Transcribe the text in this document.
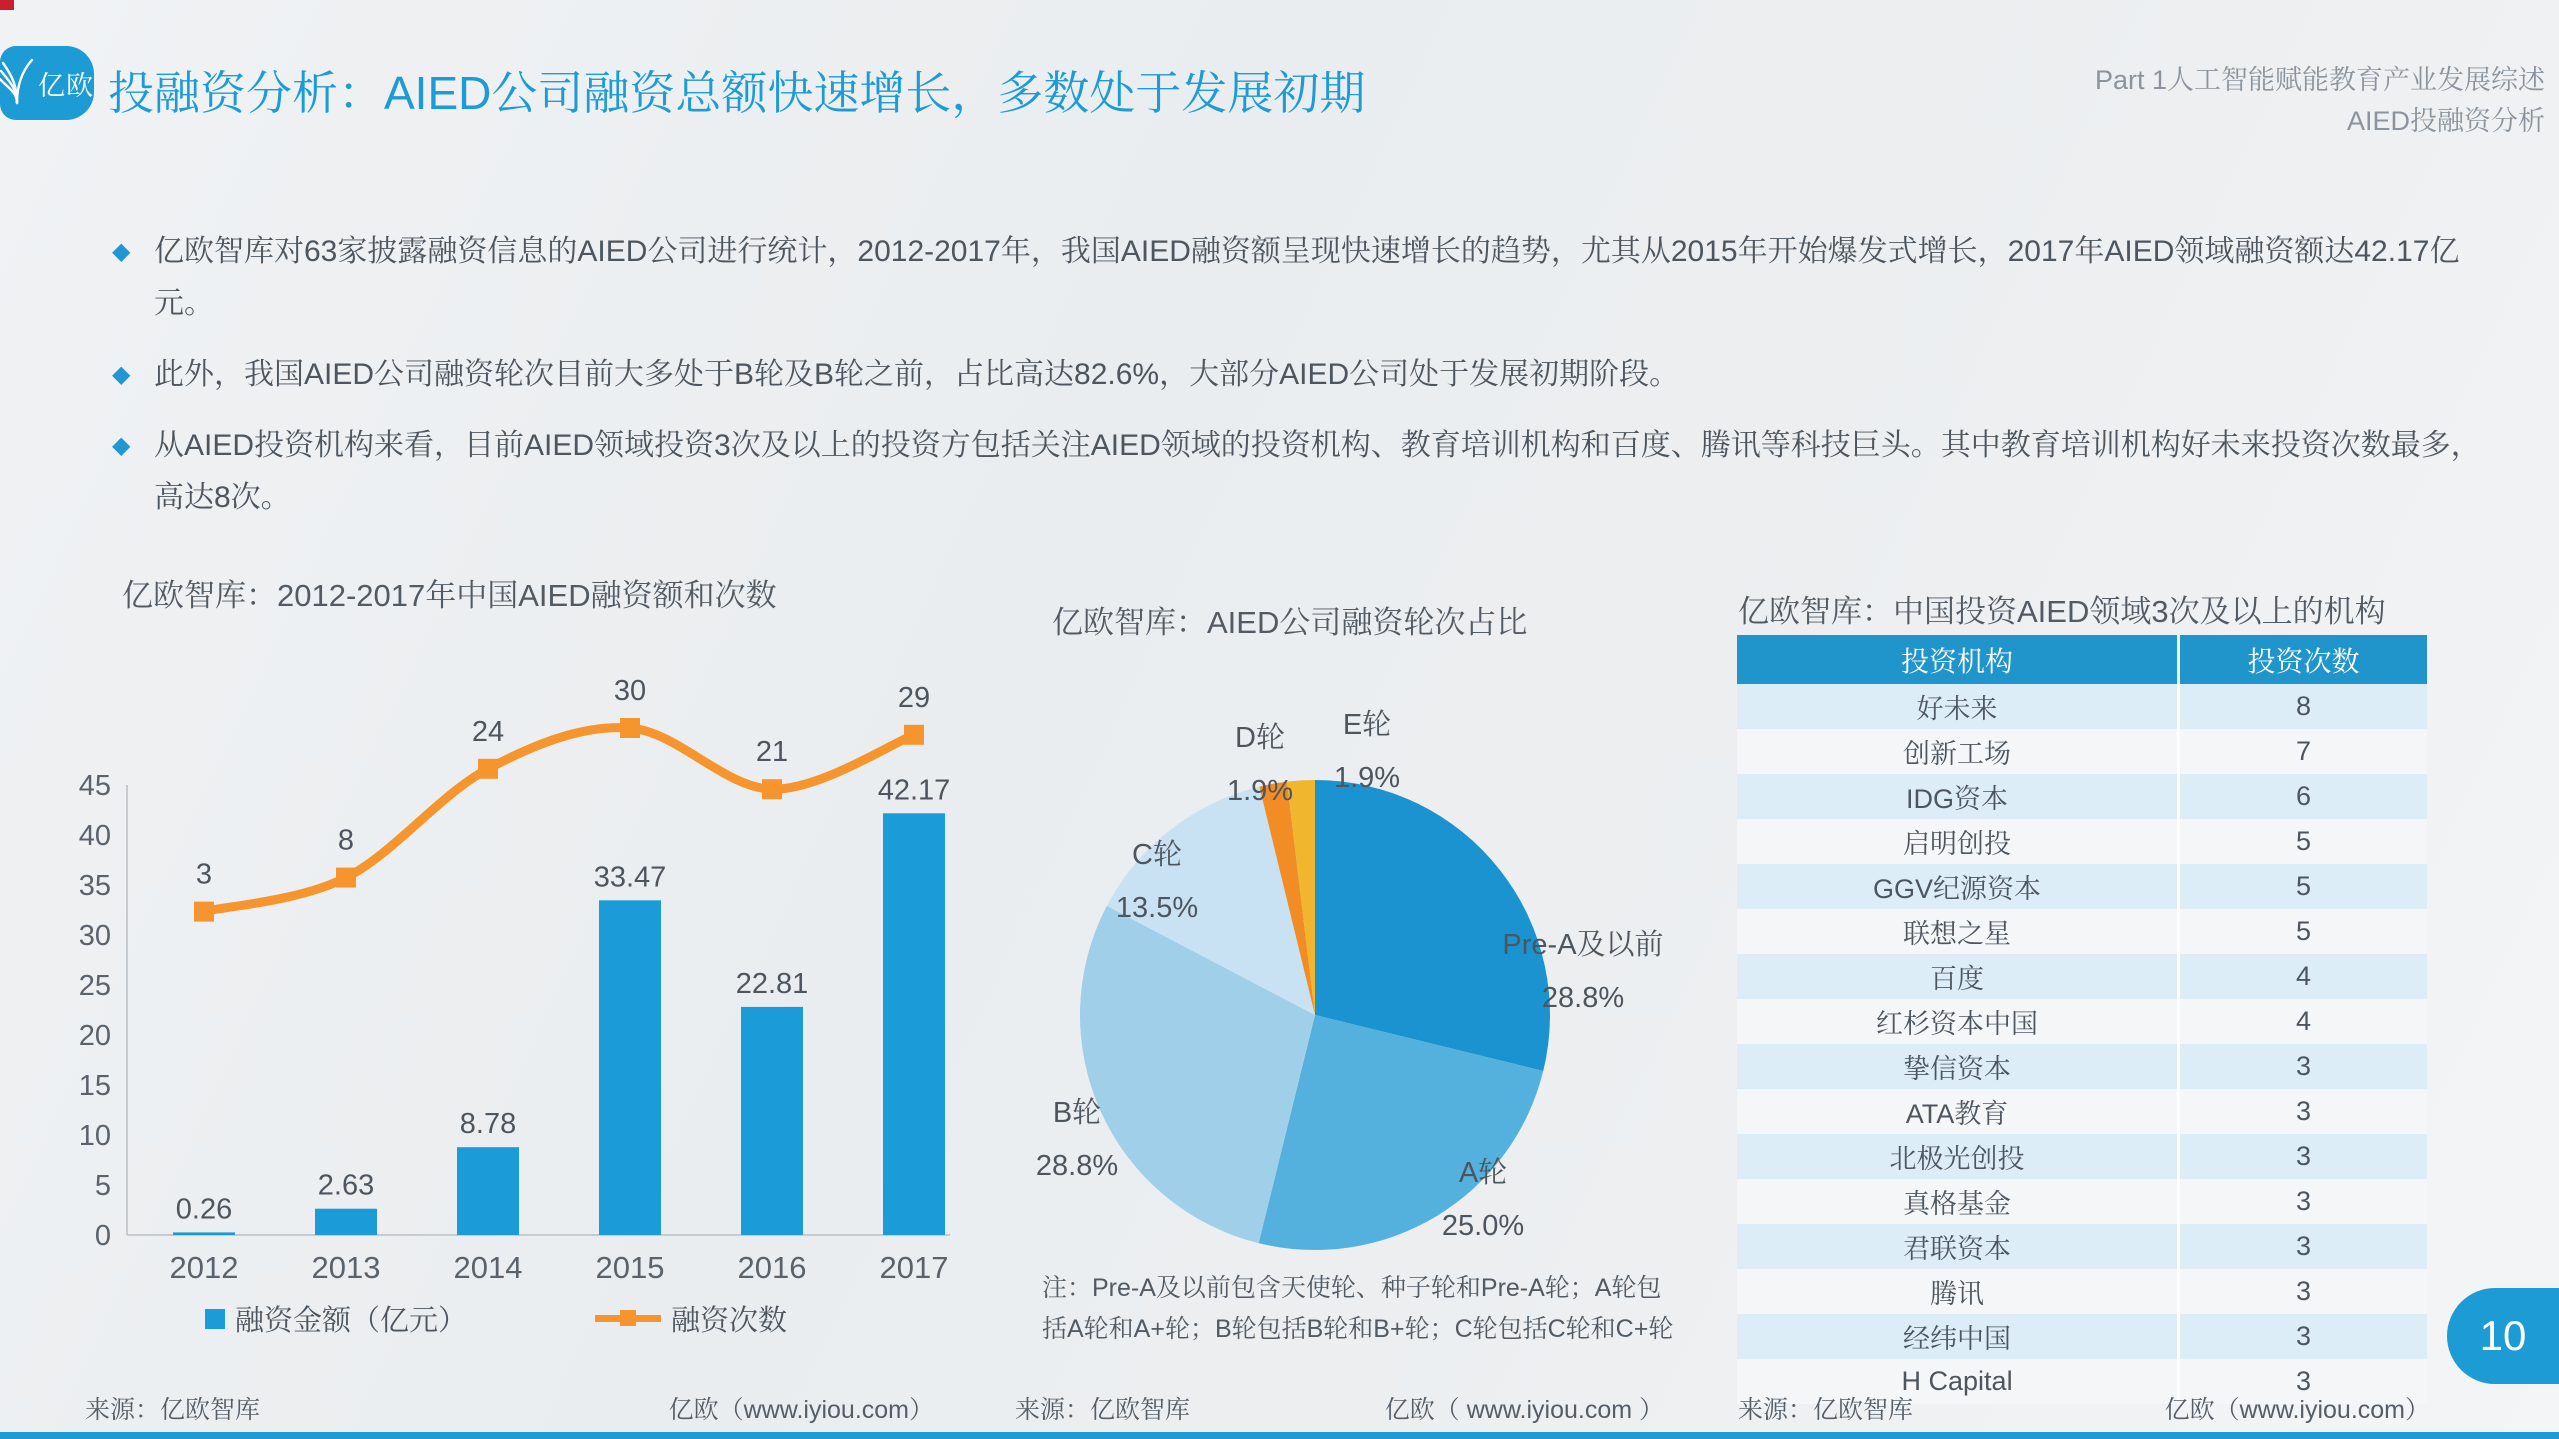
亿欧 投融资分析：AIED公司融资总额快速增长，多数处于发展初期	Part 1人工智能赋能教育产业发展综述
AIED投融资分析
◆ 亿欧智库对63家披露融资信息的AIED公司进行统计，2012-2017年，我国AIED融资额呈现快速增长的趋势，尤其从2015年开始爆发式增长，2017年AIED领域融资额达42.17亿元。
◆ 此外，我国AIED公司融资轮次目前大多处于B轮及B轮之前，占比高达82.6%，大部分AIED公司处于发展初期阶段。
◆ 从AIED投资机构来看，目前AIED领域投资3次及以上的投资方包括关注AIED领域的投资机构、教育培训机构和百度、腾讯等科技巨头。其中教育培训机构好未来投资次数最多，高达8次。
亿欧智库：2012-2017年中国AIED融资额和次数
亿欧智库：AIED公司融资轮次占比	亿欧智库：中国投资AIED领域3次及以上的机构
0
5
10
15
20
25
30
35
40
45
0.26
2012
2.63
2013
8.78
2014
33.47
2015
22.81
2016
42.17
2017
3
8
24
30
21
29
融资金额（亿元）	融资次数
Pre-A及以前
28.8%
A轮
25.0%
B轮
28.8%
C轮
13.5%
D轮
1.9%
E轮
1.9%
注：Pre-A及以前包含天使轮、种子轮和Pre-A轮；A轮包
括A轮和A+轮；B轮包括B轮和B+轮；C轮包括C轮和C+轮
投资机构	投资次数
好未来	8
创新工场	7
IDG资本	6
启明创投	5
GGV纪源资本	5
联想之星	5
百度	4
红杉资本中国	4
挚信资本	3
ATA教育	3
北极光创投	3
真格基金	3
君联资本	3
腾讯	3
经纬中国	3
H Capital	3
来源：亿欧智库	亿欧（www.iyiou.com）	来源：亿欧智库	亿欧（ www.iyiou.com ）	来源：亿欧智库	亿欧（www.iyiou.com）
10
